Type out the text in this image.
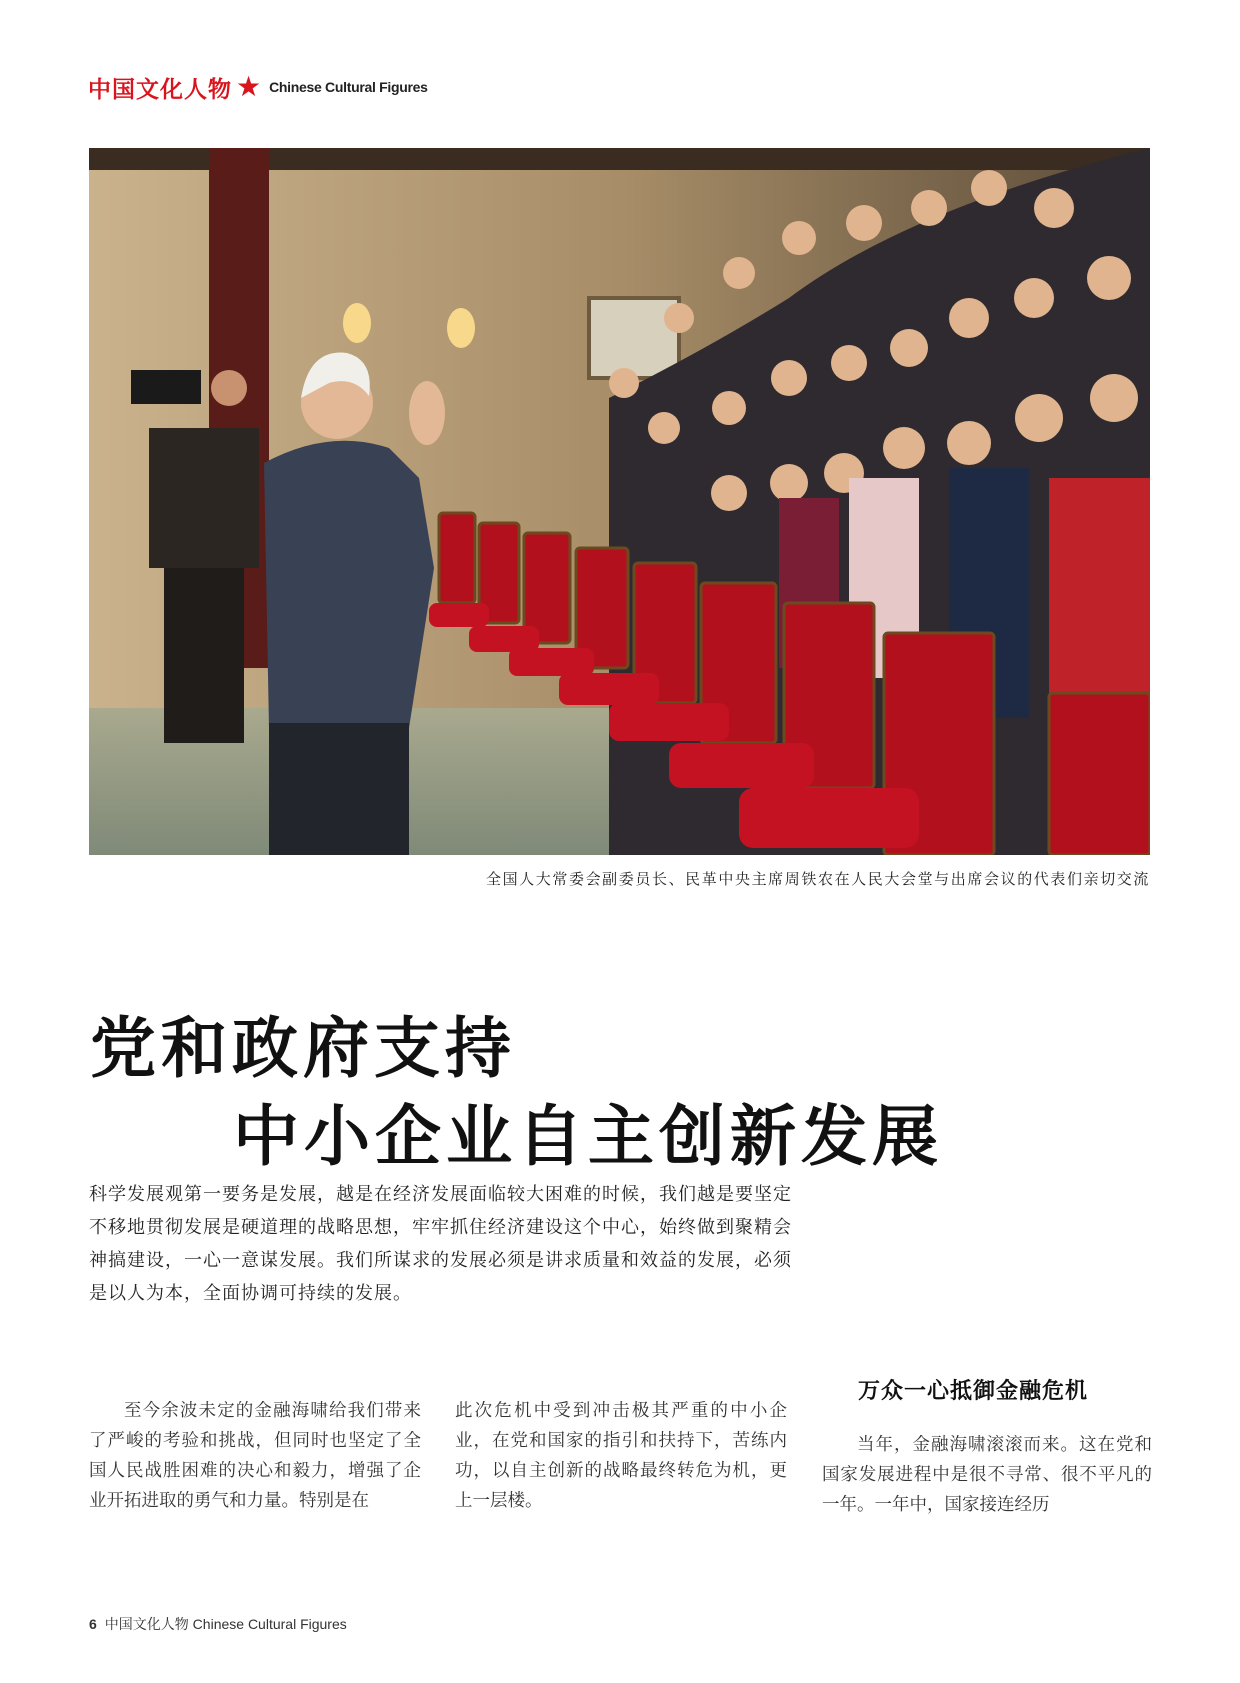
中国文化人物 ★ Chinese Cultural Figures
全国人大常委会副委员长、民革中央主席周铁农在人民大会堂与出席会议的代表们亲切交流
党和政府支持
中小企业自主创新发展
科学发展观第一要务是发展，越是在经济发展面临较大困难的时候，我们越是要坚定不移地贯彻发展是硬道理的战略思想，牢牢抓住经济建设这个中心，始终做到聚精会神搞建设，一心一意谋发展。我们所谋求的发展必须是讲求质量和效益的发展，必须是以人为本，全面协调可持续的发展。

至今余波未定的金融海啸给我们带来了严峻的考验和挑战，但同时也坚定了全国人民战胜困难的决心和毅力，增强了企业开拓进取的勇气和力量。特别是在

此次危机中受到冲击极其严重的中小企业，在党和国家的指引和扶持下，苦练内功，以自主创新的战略最终转危为机，更上一层楼。

万众一心抵御金融危机

当年，金融海啸滚滚而来。这在党和国家发展进程中是很不寻常、很不平凡的一年。一年中，国家接连经历

6 中国文化人物 Chinese Cultural Figures
